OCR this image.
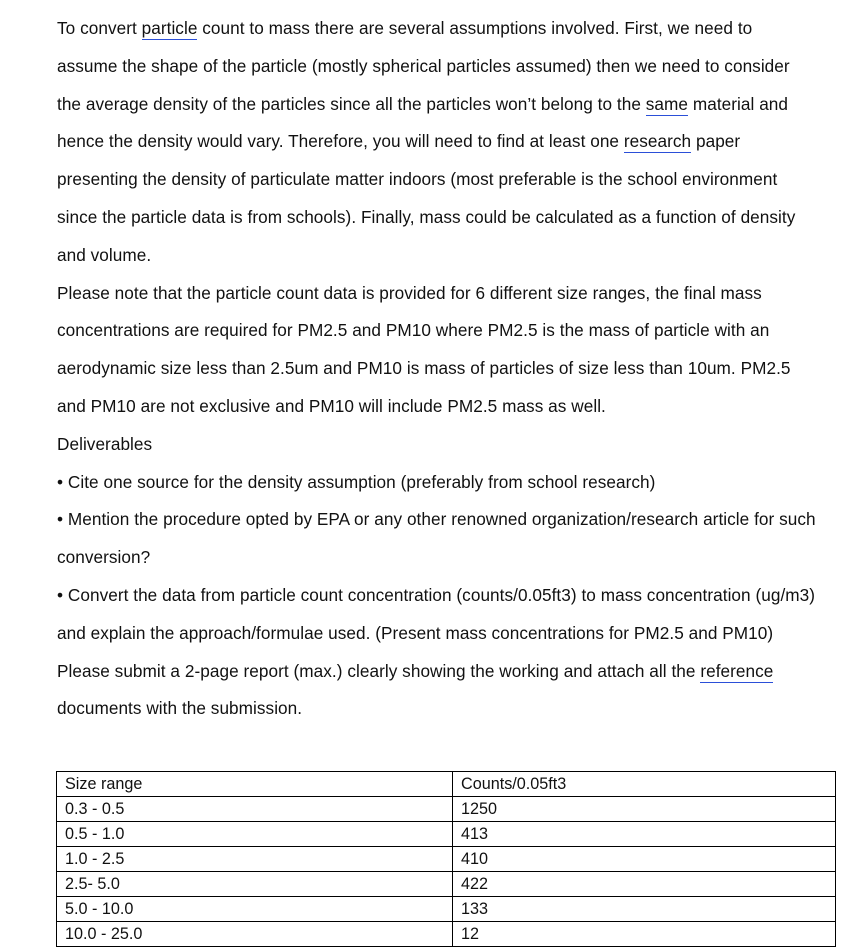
To convert particle count to mass there are several assumptions involved. First, we need to assume the shape of the particle (mostly spherical particles assumed) then we need to consider the average density of the particles since all the particles won’t belong to the same material and hence the density would vary. Therefore, you will need to find at least one research paper presenting the density of particulate matter indoors (most preferable is the school environment since the particle data is from schools). Finally, mass could be calculated as a function of density and volume.

Please note that the particle count data is provided for 6 different size ranges, the final mass concentrations are required for PM2.5 and PM10 where PM2.5 is the mass of particle with an aerodynamic size less than 2.5um and PM10 is mass of particles of size less than 10um. PM2.5 and PM10 are not exclusive and PM10 will include PM2.5 mass as well.

Deliverables

• Cite one source for the density assumption (preferably from school research)

• Mention the procedure opted by EPA or any other renowned organization/research article for such conversion?

• Convert the data from particle count concentration (counts/0.05ft3) to mass concentration (ug/m3) and explain the approach/formulae used. (Present mass concentrations for PM2.5 and PM10)

Please submit a 2-page report (max.) clearly showing the working and attach all the reference documents with the submission.

Size range	Counts/0.05ft3
0.3 - 0.5	1250
0.5 - 1.0	413
1.0 - 2.5	410
2.5- 5.0	422
5.0 - 10.0	133
10.0 - 25.0	12
